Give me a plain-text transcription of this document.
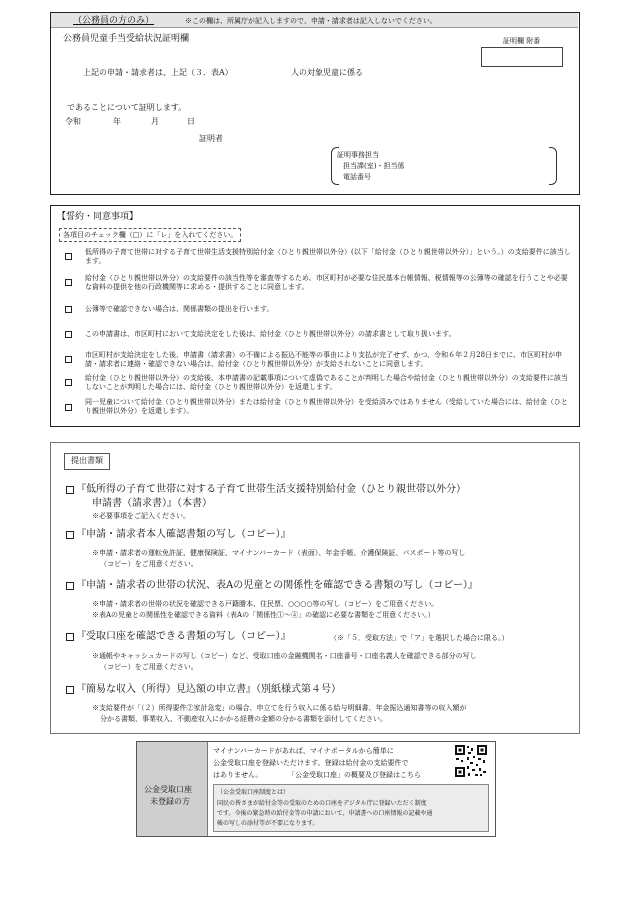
（公務員の方のみ）	※この欄は、所属庁が記入しますので、申請・請求者は記入しないでください。
公務員児童手当受給状況証明欄	証明欄 附番
上記の申請・請求者は、上記（３．表A）	人の対象児童に係る
であることについて証明します。
令和	年	月	日
証明者
証明事務担当
担当課(室)・担当係
電話番号
【誓約・同意事項】
各項目のチェック欄（□）に「レ」を入れてください。
低所得の子育て世帯に対する子育て世帯生活支援特別給付金（ひとり親世帯以外分）(以下「給付金（ひとり親世帯以外分）」という。）の支給要件に該当します。
給付金（ひとり親世帯以外分）の支給要件の該当性等を審査等するため、市区町村が必要な住民基本台帳情報、税情報等の公簿等の確認を行うことや必要な資料の提供を他の行政機関等に求める・提供することに同意します。
公簿等で確認できない場合は、関係書類の提出を行います。
この申請書は、市区町村において支給決定をした後は、給付金（ひとり親世帯以外分）の請求書として取り扱います。
市区町村が支給決定をした後、申請書（請求書）の不備による振込不能等の事由により支払が完了せず、かつ、令和６年２月28日までに、市区町村が申請・請求者に連絡・確認できない場合は、給付金（ひとり親世帯以外分）が支給されないことに同意します。
給付金（ひとり親世帯以外分）の支給後、本申請書の記載事項について虚偽であることが判明した場合や給付金（ひとり親世帯以外分）の支給要件に該当しないことが判明した場合には、給付金（ひとり親世帯以外分）を返還します。
同一児童について給付金（ひとり親世帯以外分）または給付金（ひとり親世帯以外分）を受給済みではありません（受給していた場合には、給付金（ひとり親世帯以外分）を返還します）。
提出書類
『低所得の子育て世帯に対する子育て世帯生活支援特別給付金（ひとり親世帯以外分）
申請書（請求書）』（本書）
※必要事項をご記入ください。
『申請・請求者本人確認書類の写し（コピー）』
※申請・請求者の運転免許証、健康保険証、マイナンバーカード（表面）、年金手帳、介護保険証、パスポート等の写し
（コピー）をご用意ください。
『申請・請求者の世帯の状況、表Aの児童との関係性を確認できる書類の写し（コピー）』
※申請・請求者の世帯の状況を確認できる戸籍謄本、住民票、○○○○等の写し（コピー）をご用意ください。
※表Aの児童との関係性を確認できる資料（表Aの「関係性①～④」の確認に必要な書類をご用意ください。）
『受取口座を確認できる書類の写し（コピー）』	（※「５．受取方法」で「ア」を選択した場合に限る。）
※通帳やキャッシュカードの写し（コピー）など、受取口座の金融機関名・口座番号・口座名義人を確認できる部分の写し
（コピー）をご用意ください。
『簡易な収入（所得）見込額の申立書』（別紙様式第４号）
※支給要件が「（２）所得要件②家計急変」の場合、申立てを行う収入に係る給与明細書、年金振込通知書等の収入額が
分かる書類、事業収入、不動産収入にかかる経費の金額の分かる書類を添付してください。
公金受取口座
未登録の方
マイナンバーカードがあれば、マイナポータルから簡単に
公金受取口座を登録いただけます。登録は給付金の支給要件で
はありません。	「公金受取口座」の概要及び登録はこちら
（公金受取口座制度とは）
国民の皆さまが給付金等の受取のための口座をデジタル庁に登録いただく制度
です。今後の緊急時の給付金等の申請において、申請書への口座情報の記載や通
帳の写しの添付等が不要になります。
